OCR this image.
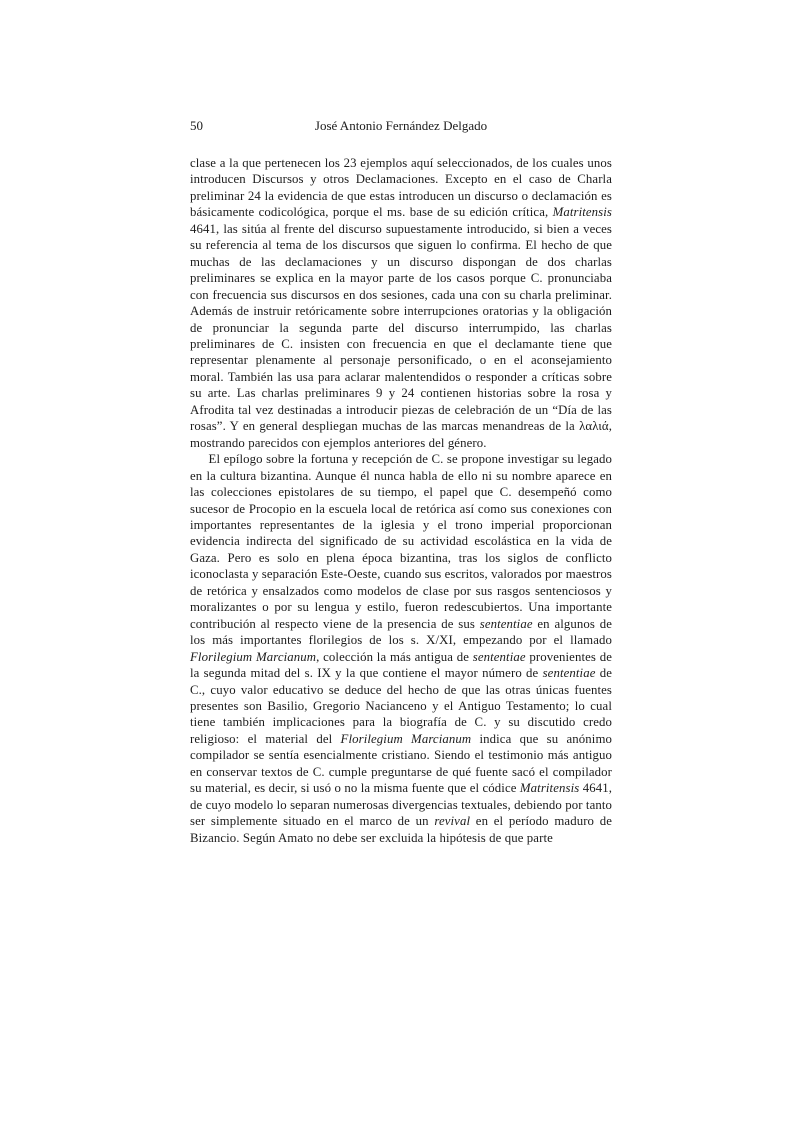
50	José Antonio Fernández Delgado

clase a la que pertenecen los 23 ejemplos aquí seleccionados, de los cuales unos introducen Discursos y otros Declamaciones. Excepto en el caso de Charla preliminar 24 la evidencia de que estas introducen un discurso o declamación es básicamente codicológica, porque el ms. base de su edición crítica, Matritensis 4641, las sitúa al frente del discurso supuestamente introducido, si bien a veces su referencia al tema de los discursos que siguen lo confirma. El hecho de que muchas de las declamaciones y un discurso dispongan de dos charlas preliminares se explica en la mayor parte de los casos porque C. pronunciaba con frecuencia sus discursos en dos sesiones, cada una con su charla preliminar. Además de instruir retóricamente sobre interrupciones oratorias y la obligación de pronunciar la segunda parte del discurso interrumpido, las charlas preliminares de C. insisten con frecuencia en que el declamante tiene que representar plenamente al personaje personificado, o en el aconsejamiento moral. También las usa para aclarar malentendidos o responder a críticas sobre su arte. Las charlas preliminares 9 y 24 contienen historias sobre la rosa y Afrodita tal vez destinadas a introducir piezas de celebración de un “Día de las rosas”. Y en general despliegan muchas de las marcas menandreas de la λαλιά, mostrando parecidos con ejemplos anteriores del género.

El epílogo sobre la fortuna y recepción de C. se propone investigar su legado en la cultura bizantina. Aunque él nunca habla de ello ni su nombre aparece en las colecciones epistolares de su tiempo, el papel que C. desempeñó como sucesor de Procopio en la escuela local de retórica así como sus conexiones con importantes representantes de la iglesia y el trono imperial proporcionan evidencia indirecta del significado de su actividad escolástica en la vida de Gaza. Pero es solo en plena época bizantina, tras los siglos de conflicto iconoclasta y separación Este-Oeste, cuando sus escritos, valorados por maestros de retórica y ensalzados como modelos de clase por sus rasgos sentenciosos y moralizantes o por su lengua y estilo, fueron redescubiertos. Una importante contribución al respecto viene de la presencia de sus sententiae en algunos de los más importantes florilegios de los s. X/XI, empezando por el llamado Florilegium Marcianum, colección la más antigua de sententiae provenientes de la segunda mitad del s. IX y la que contiene el mayor número de sententiae de C., cuyo valor educativo se deduce del hecho de que las otras únicas fuentes presentes son Basilio, Gregorio Nacianceno y el Antiguo Testamento; lo cual tiene también implicaciones para la biografía de C. y su discutido credo religioso: el material del Florilegium Marcianum indica que su anónimo compilador se sentía esencialmente cristiano. Siendo el testimonio más antiguo en conservar textos de C. cumple preguntarse de qué fuente sacó el compilador su material, es decir, si usó o no la misma fuente que el códice Matritensis 4641, de cuyo modelo lo separan numerosas divergencias textuales, debiendo por tanto ser simplemente situado en el marco de un revival en el período maduro de Bizancio. Según Amato no debe ser excluida la hipótesis de que parte
